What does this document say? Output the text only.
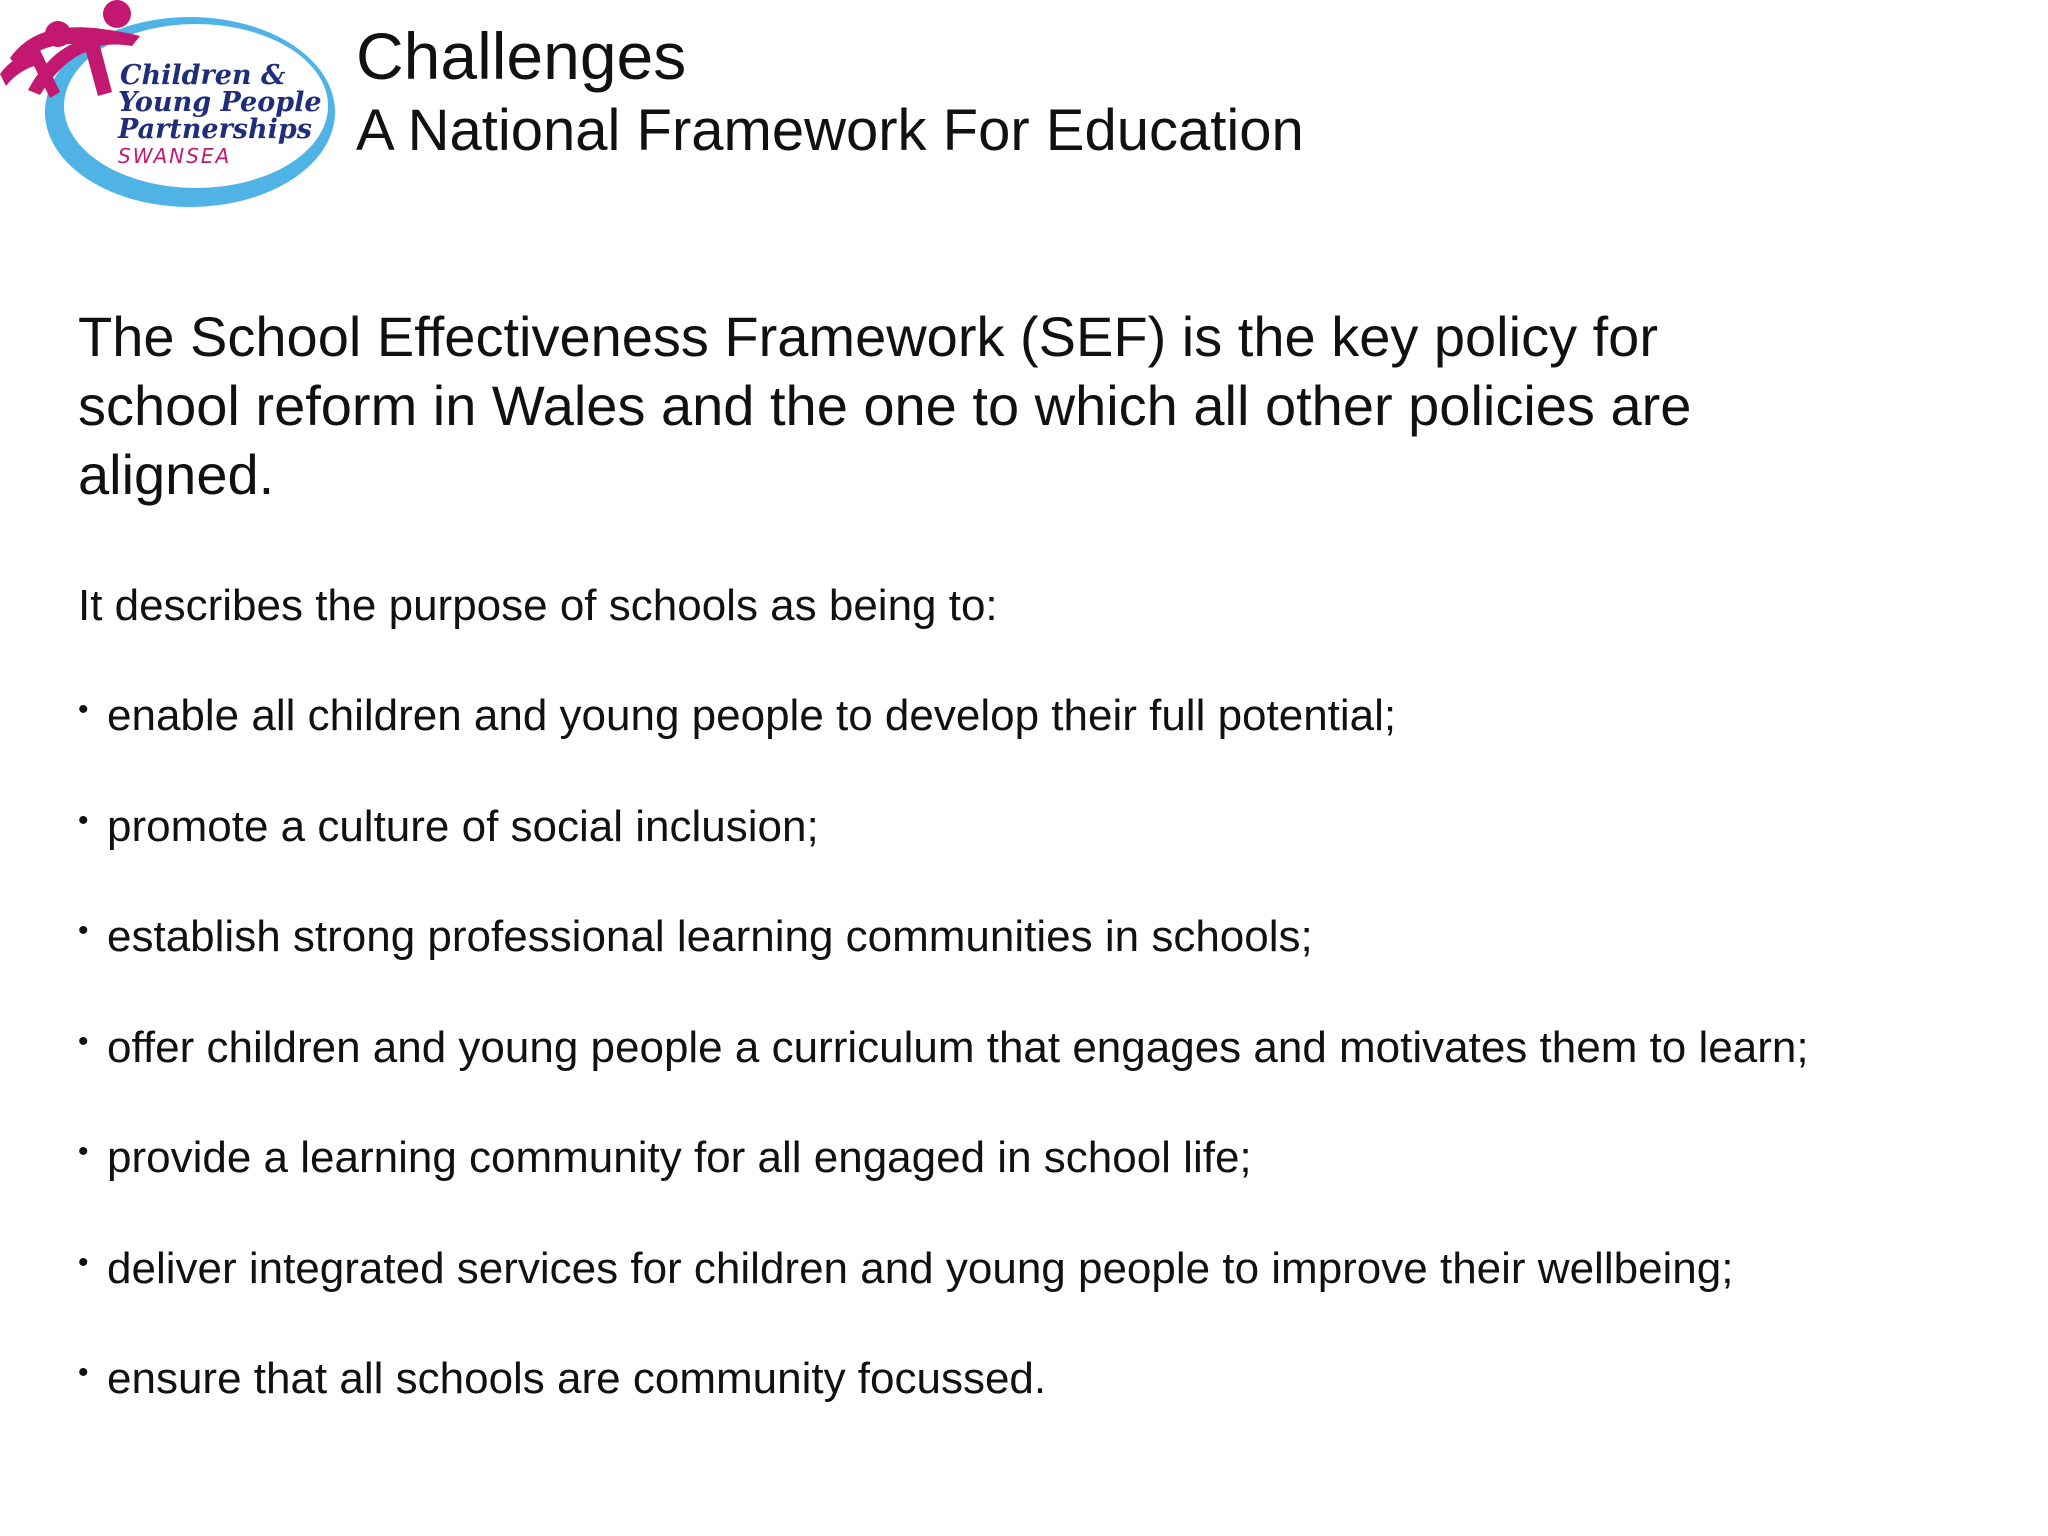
Children &
Young People
Partnerships
SWANSEA
Challenges
A National Framework For Education

The School Effectiveness Framework (SEF) is the key policy for school reform in Wales and the one to which all other policies are aligned.

It describes the purpose of schools as being to:

• enable all children and young people to develop their full potential;
• promote a culture of social inclusion;
• establish strong professional learning communities in schools;
• offer children and young people a curriculum that engages and motivates them to learn;
• provide a learning community for all engaged in school life;
• deliver integrated services for children and young people to improve their wellbeing;
• ensure that all schools are community focussed.
